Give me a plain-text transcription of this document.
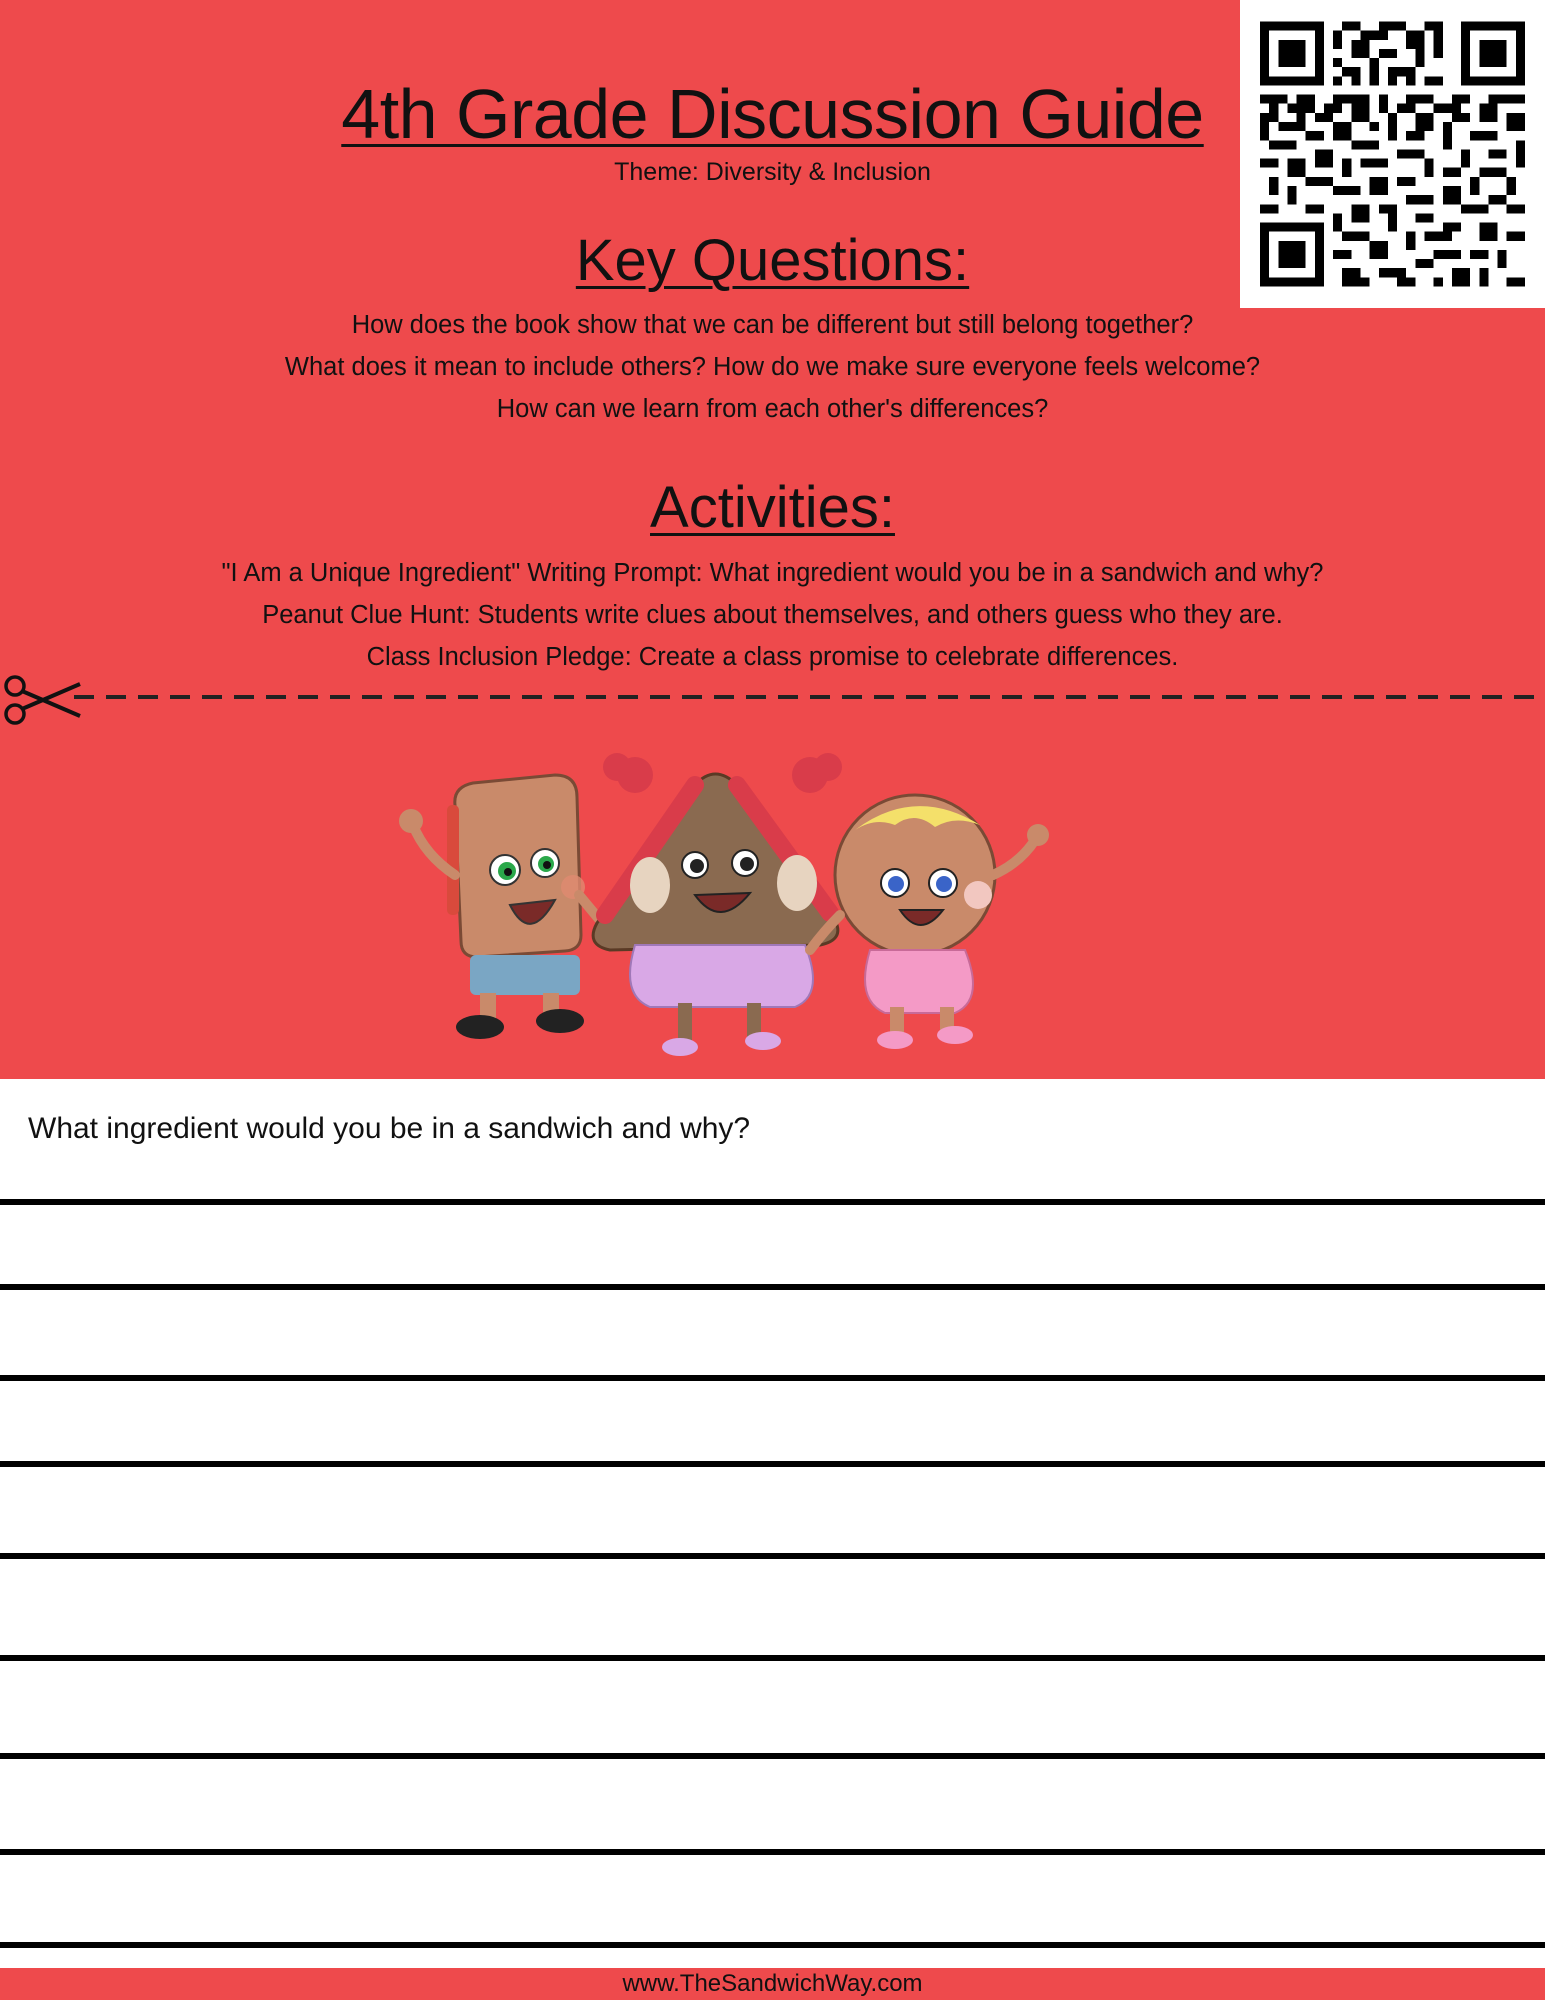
4th Grade Discussion Guide
Theme: Diversity & Inclusion
Key Questions:
How does the book show that we can be different but still belong together?
What does it mean to include others? How do we make sure everyone feels welcome?
How can we learn from each other's differences?
Activities:
"I Am a Unique Ingredient" Writing Prompt: What ingredient would you be in a sandwich and why?
Peanut Clue Hunt: Students write clues about themselves, and others guess who they are.
Class Inclusion Pledge: Create a class promise to celebrate differences.
What ingredient would you be in a sandwich and why?
www.TheSandwichWay.com
